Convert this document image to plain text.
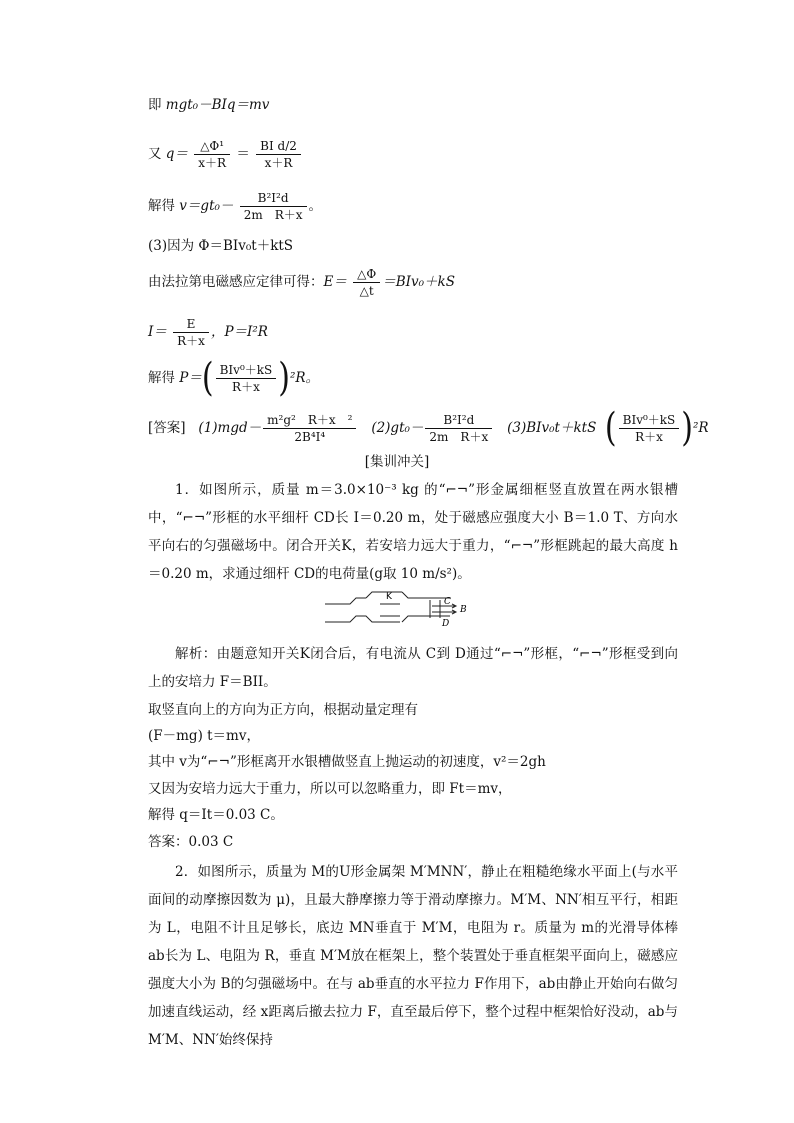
即 mgt₀－BIq＝mv
又 $q= \frac{\text{△Φ¹}}{x+R} = \frac{\text{BI d/2}}{x+R}$
解得 $v=gt_0- \frac{\text{B²I²d}}{\text{2m　R＋x}}$ 。
(3)因为 Φ＝BIv₀t＋ktS
由法拉第电磁感应定律可得：$E= \frac{\triangle\Phi}{\triangle t} =BIv_0+kS$
$I= \frac{E}{R+x}$ ，P＝I²R
解得 $P=( \frac{\text{BIv⁰＋kS}}{R+x} )^2R$。
[答案] $(1)mgd- \frac{\text{m²g²　R＋x　²}}{\text{2B⁴I⁴}} (2)gt_0- \frac{\text{B²I²d}}{\text{2m　R＋x}} (3)BIv_0t+ktS$ ( $\frac{\text{BIv⁰＋kS}}{R+x} )^2R$
[集训冲关]
1．如图所示，质量 m＝3.0×10⁻³ kg 的“⌐¬”形金属细框竖直放置在两水银槽中，“⌐¬”形框的水平细杆 CD长 I＝0.20 m，处于磁感应强度大小 B＝1.0 T、方向水平向右的匀强磁场中。闭合开关K，若安培力远大于重力，“⌐¬”形框跳起的最大高度 h＝0.20 m，求通过细杆 CD的电荷量(g取 10 m/s²)。
K	C
B
D
解析：由题意知开关K闭合后，有电流从 C到 D通过“⌐¬”形框，“⌐¬”形框受到向上的安培力 F＝BII。
取竖直向上的方向为正方向，根据动量定理有
(F－mg) t＝mv，
其中 v为“⌐¬”形框离开水银槽做竖直上抛运动的初速度，v²＝2gh
又因为安培力远大于重力，所以可以忽略重力，即 Ft＝mv，
解得 q＝It＝0.03 C。
答案：0.03 C
2．如图所示，质量为 M的U形金属架 M′MNN′，静止在粗糙绝缘水平面上(与水平面间的动摩擦因数为 μ)，且最大静摩擦力等于滑动摩擦力。M′M、NN′相互平行，相距为 L，电阻不计且足够长，底边 MN垂直于 M′M，电阻为 r。质量为 m的光滑导体棒 ab长为 L、电阻为 R，垂直 M′M放在框架上，整个装置处于垂直框架平面向上，磁感应强度大小为 B的匀强磁场中。在与 ab垂直的水平拉力 F作用下，ab由静止开始向右做匀加速直线运动，经 x距离后撤去拉力 F，直至最后停下，整个过程中框架恰好没动，ab与 M′M、NN′始终保持
